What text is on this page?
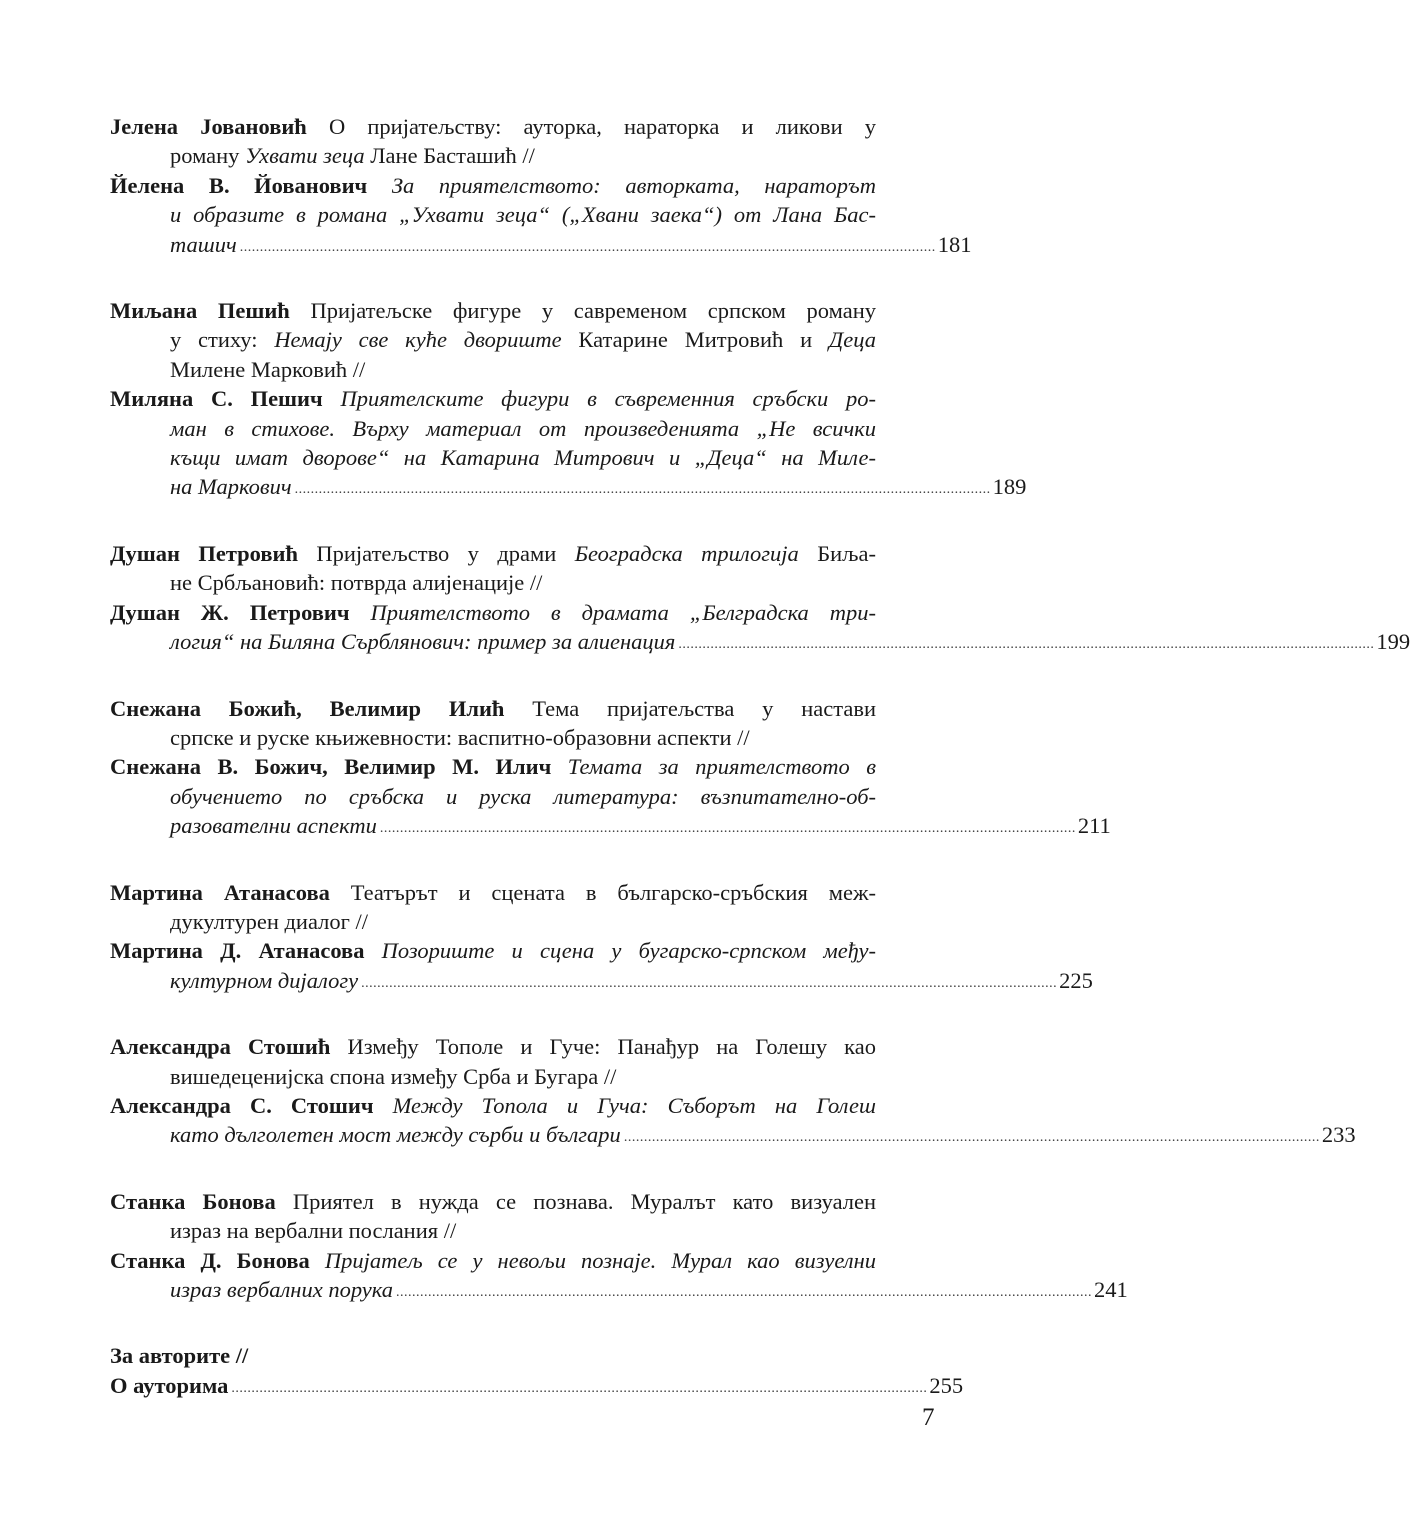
Јелена Јовановић О пријатељству: ауторка, нараторка и ликови у
роману Ухвати зеца Лане Басташић //
Йелена В. Йованович За приятелството: авторката, нараторът
и образите в романа „Ухвати зеца“ („Хвани заека“) от Лана Бас-
ташич .............................................................................................................................................................................. 181
Миљана Пешић Пријатељске фигуре у савременом српском роману
у стиху: Немају све куће двориште Катарине Митровић и Деца
Милене Марковић //
Миляна С. Пешич Приятелските фигури в съвременния сръбски ро-
ман в стихове. Върху материал от произведенията „Не всички
къщи имат дворове“ на Катарина Митрович и „Деца“ на Миле-
на Маркович .............................................................................................................................................................................. 189
Душан Петровић Пријатељство у драми Београдска трилогија Биља-
не Србљановић: потврда алијенације //
Душан Ж. Петрович Приятелството в драмата „Белградска три-
логия“ на Биляна Сърблянович: пример за алиенация .............................................................................................................................................................................. 199
Снежана Божић, Велимир Илић Тема пријатељства у настави
српске и руске књижевности: васпитно-образовни аспекти //
Снежана В. Божич, Велимир М. Илич Темата за приятелството в
обучението по сръбска и руска литература: възпитателно-об-
разователни аспекти .............................................................................................................................................................................. 211
Мартина Атанасова Театърът и сцената в българско-сръбския меж-
дукултурен диалог //
Мартина Д. Атанасова Позориште и сцена у бугарско-српском међу-
културном дијалогу .............................................................................................................................................................................. 225
Александра Стошић Између Тополе и Гуче: Панађур на Голешу као
вишедеценијска спона између Срба и Бугара //
Александра С. Стошич Между Топола и Гуча: Съборът на Голеш
като дълголетен мост между сърби и българи .............................................................................................................................................................................. 233
Станка Бонова Приятел в нужда се познава. Муралът като визуален
израз на вербални послания //
Станка Д. Бонова Пријатељ се у невољи познаје. Мурал као визуелни
израз вербалних порука .............................................................................................................................................................................. 241
За авторите //
О ауторима .............................................................................................................................................................................. 255
7
